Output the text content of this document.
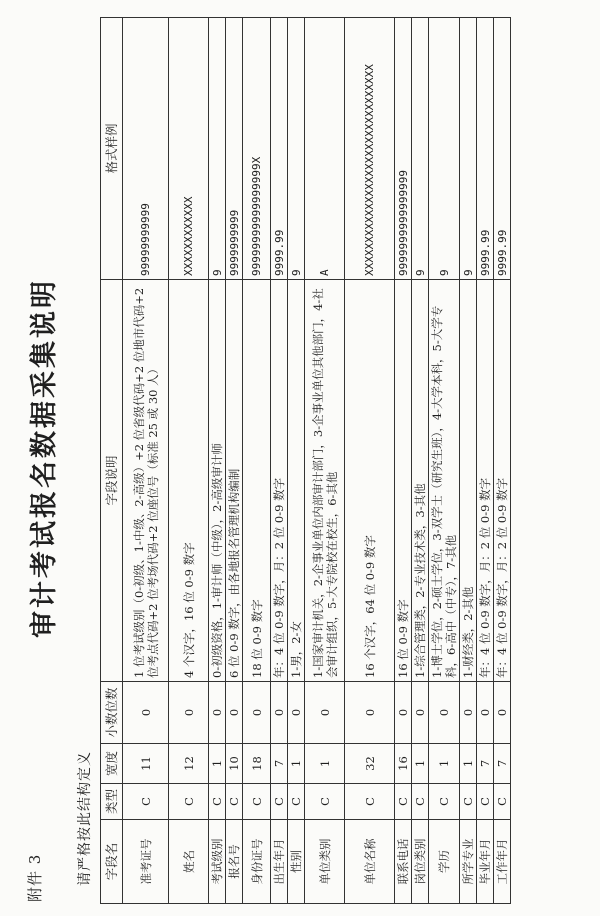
附件 3
审计考试报名数据采集说明
请严格按此结构定义 字段名	类型	宽度	小数位数	字段说明	格式样例
准考证号	C	11	0	1 位考试级别（0-初级、1-中级、2-高级）+2 位省级代码+2 位地市代码+2 位考点代码+2 位考场代码+2 位座位号（标准 25 或 30 人）	99999999999
姓名	C	12	0	4 个汉字，16 位 0-9 数字	XXXXXXXXXXXX
考试级别	C	1	0	0-初级资格，1-审计师（中级），2-高级审计师	9
报名号	C	10	0	6 位 0-9 数字，由各地报名管理机构编制	9999999999
身份证号	C	18	0	18 位 0-9 数字	99999999999999999X
出生年月	C	7	0	年：4 位 0-9 数字，月：2 位 0-9 数字	9999.99
性别	C	1	0	1-男，2-女	9
单位类别	C	1	0	1-国家审计机关，2-企事业单位内部审计部门，3-企事业单位其他部门，4-社会审计组织，5-大专院校在校生，6-其他	A
单位名称	C	32	0	16 个汉字，64 位 0-9 数字	XXXXXXXXXXXXXXXXXXXXXXXXXXXXXXXX
联系电话	C	16	0	16 位 0-9 数字	9999999999999999
岗位类别	C	1	0	1-综合管理类，2-专业技术类，3-其他	9
学历	C	1	0	1-博士学位，2-硕士学位，3-双学士（研究生班），4-大学本科，5-大学专科，6-高中（中专），7-其他	9
所学专业	C	1	0	1-财经类，2-其他	9
毕业年月	C	7	0	年：4 位 0-9 数字，月：2 位 0-9 数字	9999.99
工作年月	C	7	0	年：4 位 0-9 数字，月：2 位 0-9 数字	9999.99
